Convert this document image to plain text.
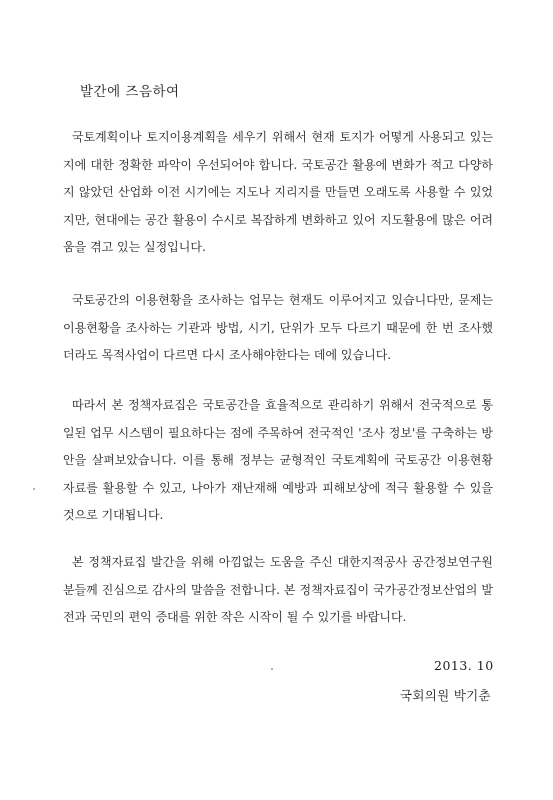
발간에 즈음하여

국토계획이나 토지이용계획을 세우기 위해서 현재 토지가 어떻게 사용되고 있는지에 대한 정확한 파악이 우선되어야 합니다. 국토공간 활용에 변화가 적고 다양하지 않았던 산업화 이전 시기에는 지도나 지리지를 만들면 오래도록 사용할 수 있었지만, 현대에는 공간 활용이 수시로 복잡하게 변화하고 있어 지도활용에 많은 어려움을 겪고 있는 실정입니다.

국토공간의 이용현황을 조사하는 업무는 현재도 이루어지고 있습니다만, 문제는 이용현황을 조사하는 기관과 방법, 시기, 단위가 모두 다르기 때문에 한 번 조사했더라도 목적사업이 다르면 다시 조사해야한다는 데에 있습니다.

따라서 본 정책자료집은 국토공간을 효율적으로 관리하기 위해서 전국적으로 통일된 업무 시스템이 필요하다는 점에 주목하여 전국적인 '조사 정보'를 구축하는 방안을 살펴보았습니다. 이를 통해 정부는 균형적인 국토계획에 국토공간 이용현황 자료를 활용할 수 있고, 나아가 재난재해 예방과 피해보상에 적극 활용할 수 있을 것으로 기대됩니다.

본 정책자료집 발간을 위해 아낌없는 도움을 주신 대한지적공사 공간정보연구원 분들께 진심으로 감사의 말씀을 전합니다. 본 정책자료집이 국가공간정보산업의 발전과 국민의 편익 증대를 위한 작은 시작이 될 수 있기를 바랍니다.

2013. 10
국회의원 박기춘
